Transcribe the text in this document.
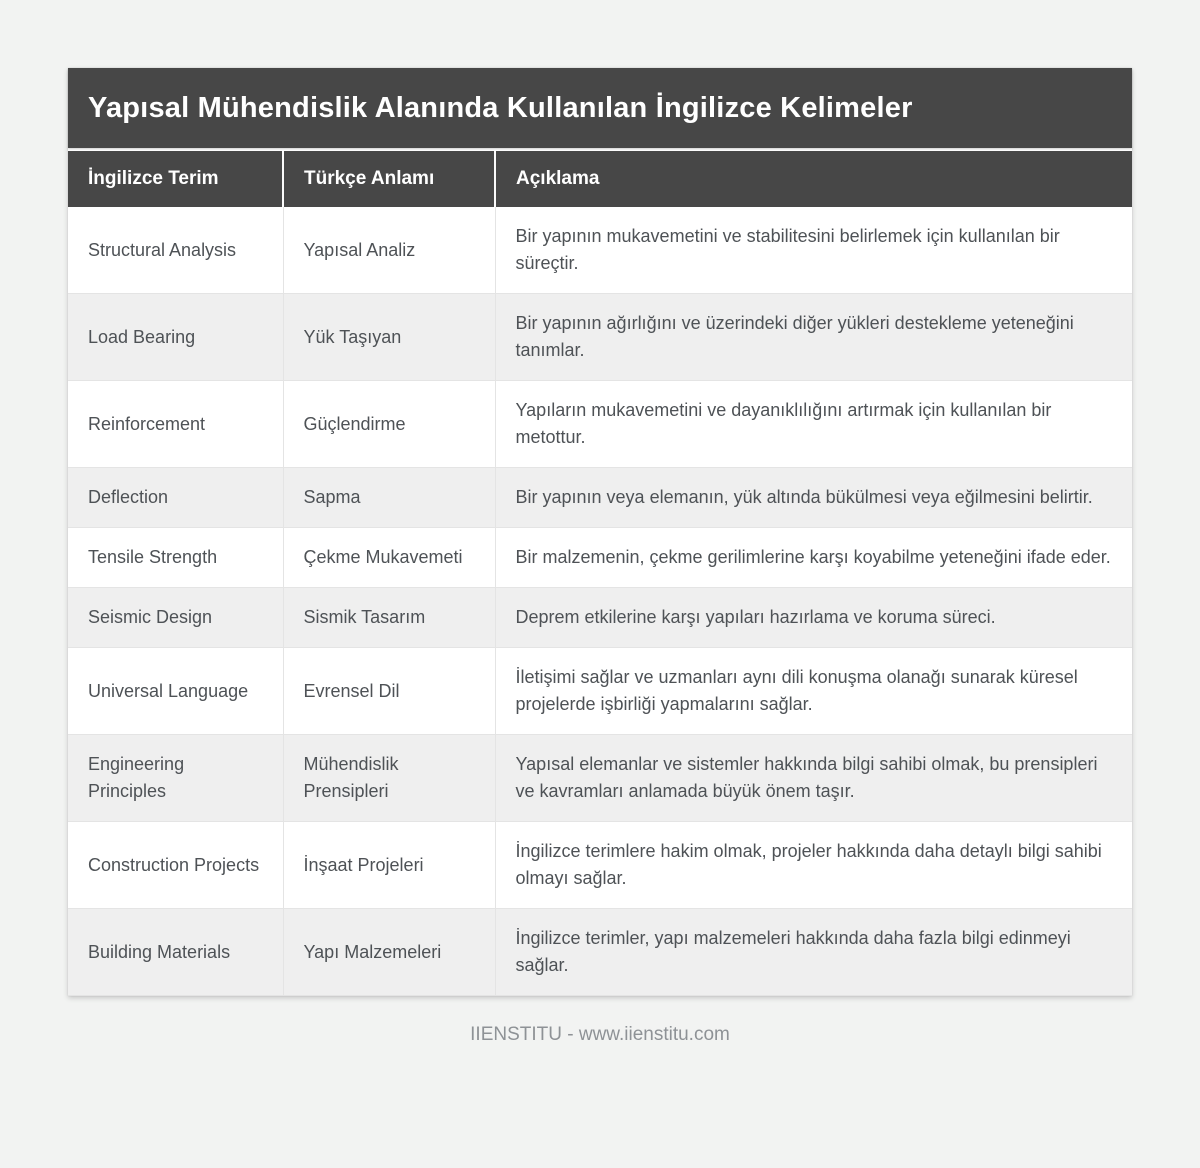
Yapısal Mühendislik Alanında Kullanılan İngilizce Kelimeler
İngilizce Terim	Türkçe Anlamı	Açıklama
Structural Analysis	Yapısal Analiz	Bir yapının mukavemetini ve stabilitesini belirlemek için kullanılan bir süreçtir.
Load Bearing	Yük Taşıyan	Bir yapının ağırlığını ve üzerindeki diğer yükleri destekleme yeteneğini tanımlar.
Reinforcement	Güçlendirme	Yapıların mukavemetini ve dayanıklılığını artırmak için kullanılan bir metottur.
Deflection	Sapma	Bir yapının veya elemanın, yük altında bükülmesi veya eğilmesini belirtir.
Tensile Strength	Çekme Mukavemeti	Bir malzemenin, çekme gerilimlerine karşı koyabilme yeteneğini ifade eder.
Seismic Design	Sismik Tasarım	Deprem etkilerine karşı yapıları hazırlama ve koruma süreci.
Universal Language	Evrensel Dil	İletişimi sağlar ve uzmanları aynı dili konuşma olanağı sunarak küresel projelerde işbirliği yapmalarını sağlar.
Engineering Principles	Mühendislik Prensipleri	Yapısal elemanlar ve sistemler hakkında bilgi sahibi olmak, bu prensipleri ve kavramları anlamada büyük önem taşır.
Construction Projects	İnşaat Projeleri	İngilizce terimlere hakim olmak, projeler hakkında daha detaylı bilgi sahibi olmayı sağlar.
Building Materials	Yapı Malzemeleri	İngilizce terimler, yapı malzemeleri hakkında daha fazla bilgi edinmeyi sağlar.
IIENSTITU - www.iienstitu.com
